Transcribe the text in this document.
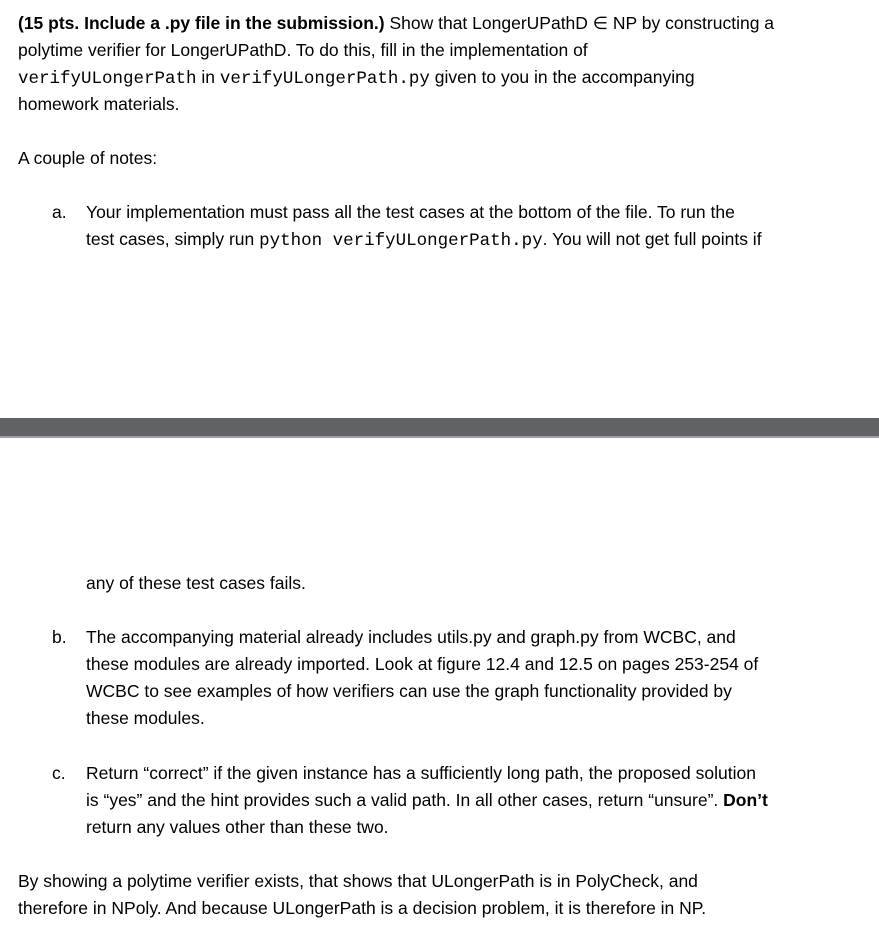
(15 pts. Include a .py file in the submission.) Show that LongerUPathD ∈ NP by constructing a
polytime verifier for LongerUPathD. To do this, fill in the implementation of
verifyULongerPath in verifyULongerPath.py given to you in the accompanying
homework materials.
A couple of notes:
a. Your implementation must pass all the test cases at the bottom of the file. To run the
test cases, simply run python verifyULongerPath.py. You will not get full points if
any of these test cases fails.
b. The accompanying material already includes utils.py and graph.py from WCBC, and
these modules are already imported. Look at figure 12.4 and 12.5 on pages 253-254 of
WCBC to see examples of how verifiers can use the graph functionality provided by
these modules.
c. Return “correct” if the given instance has a sufficiently long path, the proposed solution
is “yes” and the hint provides such a valid path. In all other cases, return “unsure”. Don’t
return any values other than these two.
By showing a polytime verifier exists, that shows that ULongerPath is in PolyCheck, and
therefore in NPoly. And because ULongerPath is a decision problem, it is therefore in NP.
